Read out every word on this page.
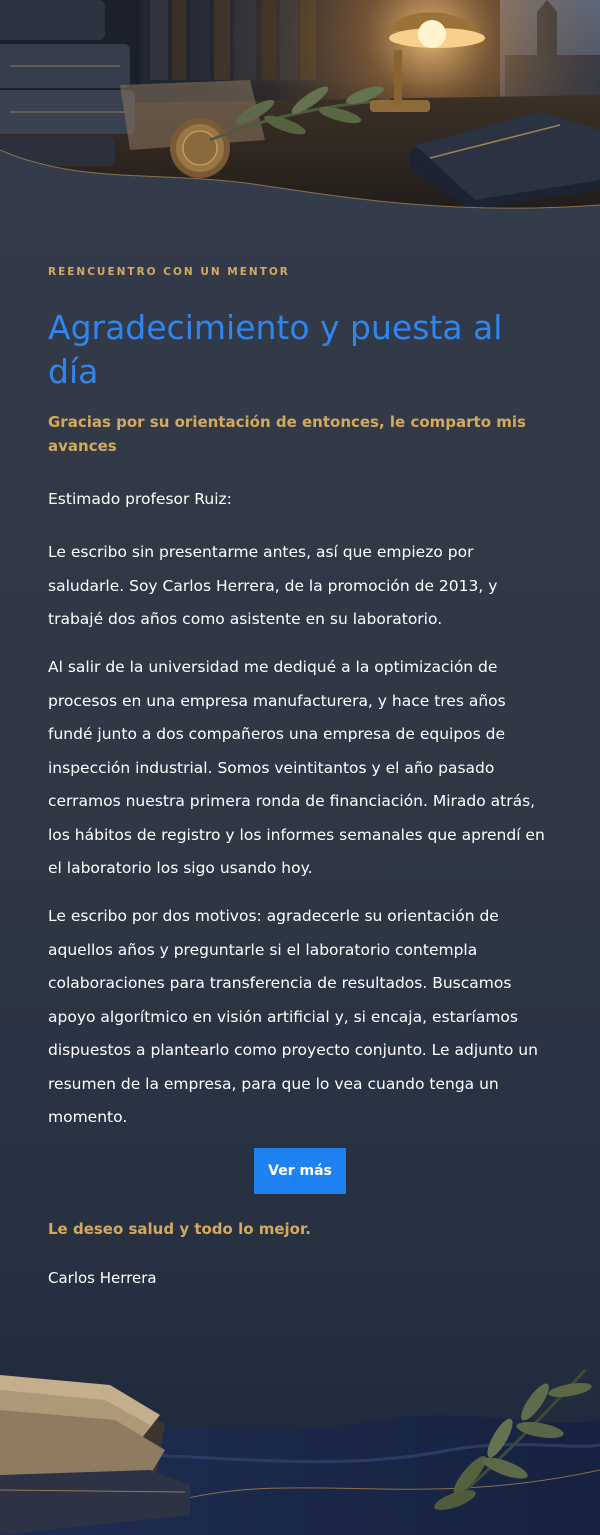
REENCUENTRO CON UN MENTOR
Agradecimiento y puesta al día
Gracias por su orientación de entonces, le comparto mis avances
Estimado profesor Ruiz:

Le escribo sin presentarme antes, así que empiezo por saludarle. Soy Carlos Herrera, de la promoción de 2013, y trabajé dos años como asistente en su laboratorio.

Al salir de la universidad me dediqué a la optimización de procesos en una empresa manufacturera, y hace tres años fundé junto a dos compañeros una empresa de equipos de inspección industrial. Somos veintitantos y el año pasado cerramos nuestra primera ronda de financiación. Mirado atrás, los hábitos de registro y los informes semanales que aprendí en el laboratorio los sigo usando hoy.

Le escribo por dos motivos: agradecerle su orientación de aquellos años y preguntarle si el laboratorio contempla colaboraciones para transferencia de resultados. Buscamos apoyo algorítmico en visión artificial y, si encaja, estaríamos dispuestos a plantearlo como proyecto conjunto. Le adjunto un resumen de la empresa, para que lo vea cuando tenga un momento.

Ver más
Le deseo salud y todo lo mejor.
Carlos Herrera
